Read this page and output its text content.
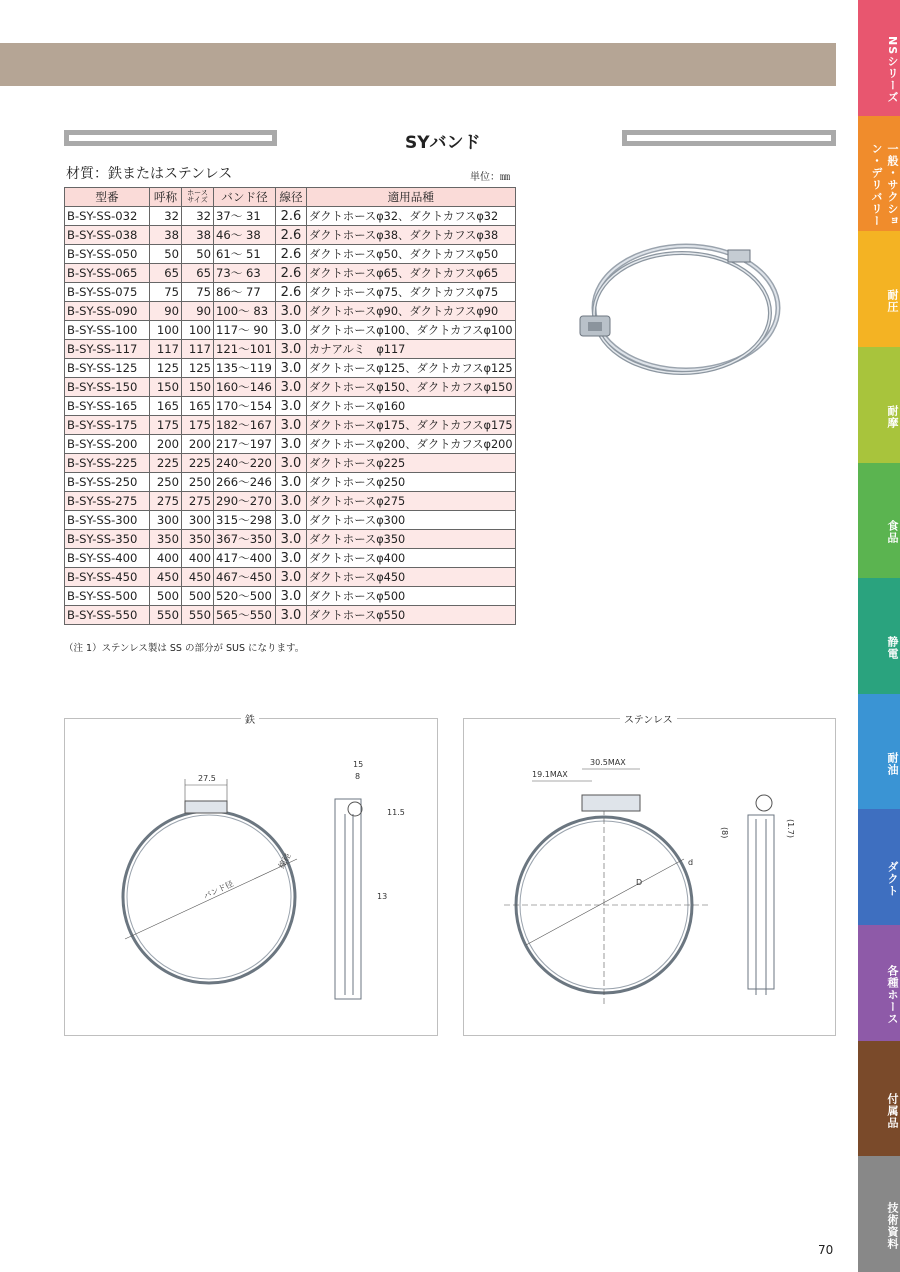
SYバンド
材質：鉄またはステンレス	単位：㎜
型番	呼称	ホース サイズ	バンド径	線径	適用品種
B-SY-SS-032	32	32	37～ 31	2.6	ダクトホースφ32、ダクトカフスφ32
B-SY-SS-038	38	38	46～ 38	2.6	ダクトホースφ38、ダクトカフスφ38
B-SY-SS-050	50	50	61～ 51	2.6	ダクトホースφ50、ダクトカフスφ50
B-SY-SS-065	65	65	73～ 63	2.6	ダクトホースφ65、ダクトカフスφ65
B-SY-SS-075	75	75	86～ 77	2.6	ダクトホースφ75、ダクトカフスφ75
B-SY-SS-090	90	90	100～ 83	3.0	ダクトホースφ90、ダクトカフスφ90
B-SY-SS-100	100	100	117～ 90	3.0	ダクトホースφ100、ダクトカフスφ100
B-SY-SS-117	117	117	121～101	3.0	カナアルミ　φ117
B-SY-SS-125	125	125	135～119	3.0	ダクトホースφ125、ダクトカフスφ125
B-SY-SS-150	150	150	160～146	3.0	ダクトホースφ150、ダクトカフスφ150
B-SY-SS-165	165	165	170～154	3.0	ダクトホースφ160
B-SY-SS-175	175	175	182～167	3.0	ダクトホースφ175、ダクトカフスφ175
B-SY-SS-200	200	200	217～197	3.0	ダクトホースφ200、ダクトカフスφ200
B-SY-SS-225	225	225	240～220	3.0	ダクトホースφ225
B-SY-SS-250	250	250	266～246	3.0	ダクトホースφ250
B-SY-SS-275	275	275	290～270	3.0	ダクトホースφ275
B-SY-SS-300	300	300	315～298	3.0	ダクトホースφ300
B-SY-SS-350	350	350	367～350	3.0	ダクトホースφ350
B-SY-SS-400	400	400	417～400	3.0	ダクトホースφ400
B-SY-SS-450	450	450	467～450	3.0	ダクトホースφ450
B-SY-SS-500	500	500	520～500	3.0	ダクトホースφ500
B-SY-SS-550	550	550	565～550	3.0	ダクトホースφ550
（注 1）ステンレス製は SS の部分が SUS になります。
鉄
27.5
バンド径
線径
15
8
11.5
13
ステンレス
30.5MAX
19.1MAX
D
d
(8)	(1.7)
NSシリーズ
一般・サクション・デリバリー
耐圧
耐摩
食品
静電
耐油
ダクト
各種ホース
付属品
技術資料
70
